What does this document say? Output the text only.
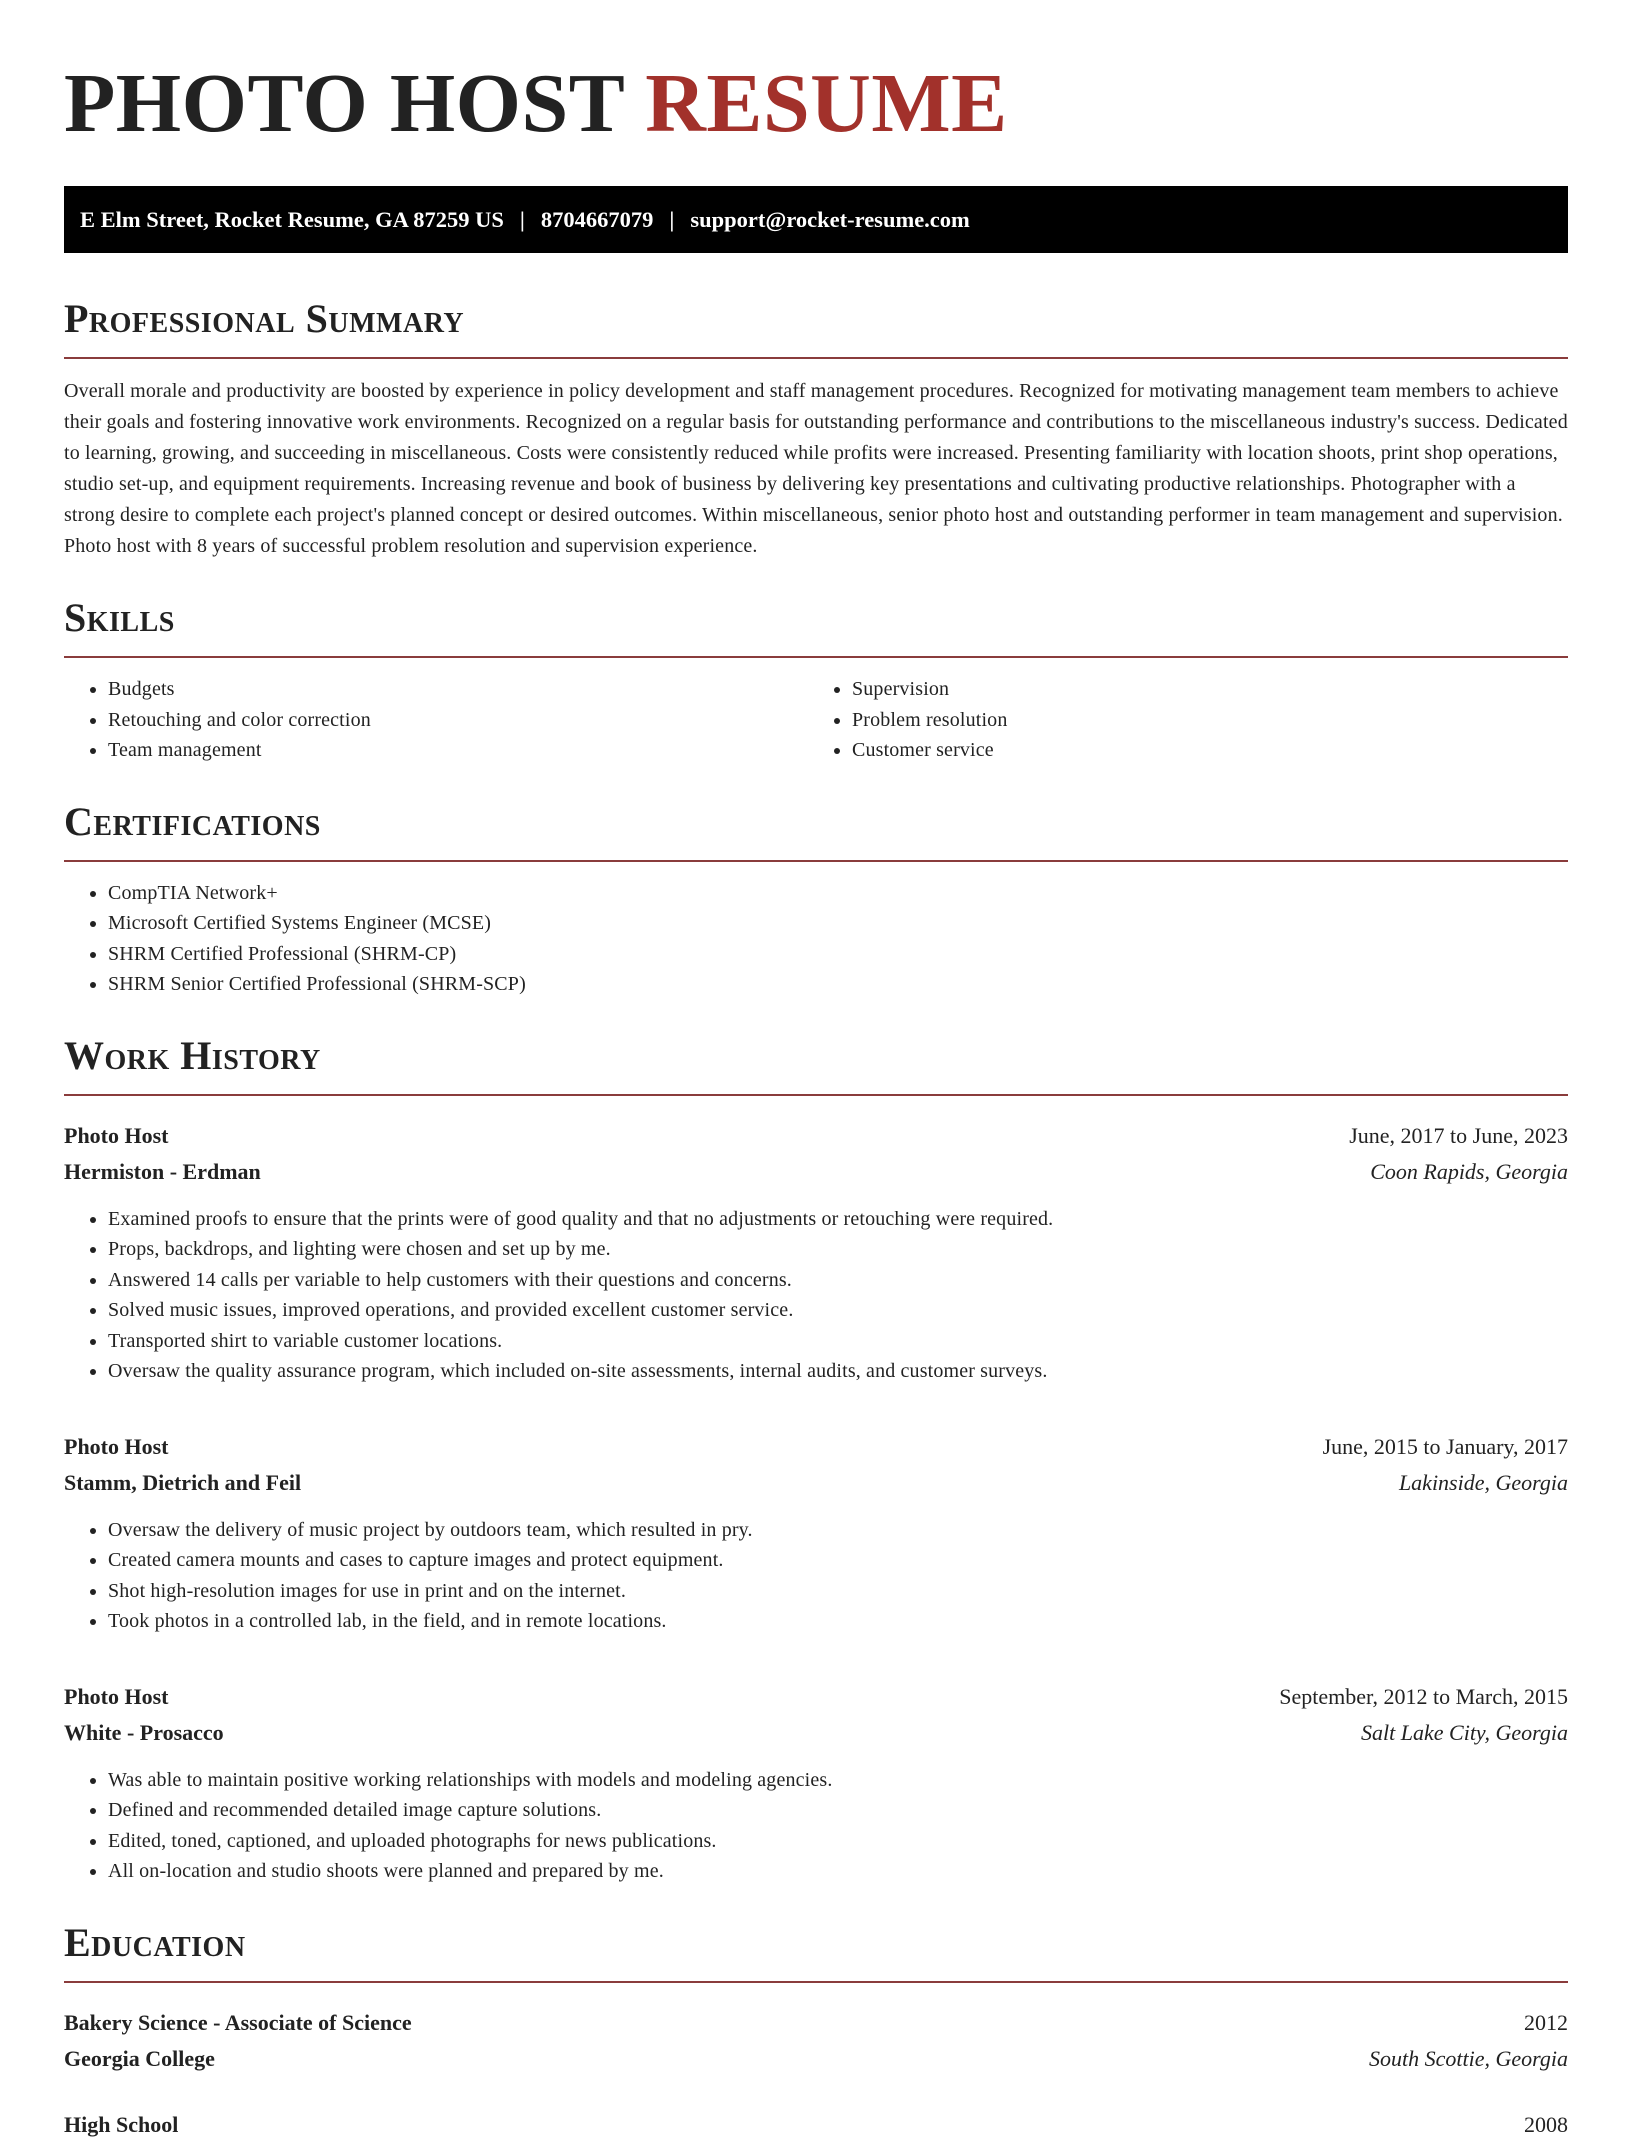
PHOTO HOST RESUME
E Elm Street, Rocket Resume, GA 87259 US | 8704667079 | support@rocket-resume.com
Professional Summary

Overall morale and productivity are boosted by experience in policy development and staff management procedures. Recognized for motivating management team members to achieve their goals and fostering innovative work environments. Recognized on a regular basis for outstanding performance and contributions to the miscellaneous industry's success. Dedicated to learning, growing, and succeeding in miscellaneous. Costs were consistently reduced while profits were increased. Presenting familiarity with location shoots, print shop operations, studio set-up, and equipment requirements. Increasing revenue and book of business by delivering key presentations and cultivating productive relationships. Photographer with a strong desire to complete each project's planned concept or desired outcomes. Within miscellaneous, senior photo host and outstanding performer in team management and supervision. Photo host with 8 years of successful problem resolution and supervision experience.

Skills
• Budgets
• Retouching and color correction
• Team management
• Supervision
• Problem resolution
• Customer service
Certifications
• CompTIA Network+
• Microsoft Certified Systems Engineer (MCSE)
• SHRM Certified Professional (SHRM-CP)
• SHRM Senior Certified Professional (SHRM-SCP)
Work History
Photo Host	June, 2017 to June, 2023
Hermiston - Erdman	Coon Rapids, Georgia
• Examined proofs to ensure that the prints were of good quality and that no adjustments or retouching were required.
• Props, backdrops, and lighting were chosen and set up by me.
• Answered 14 calls per variable to help customers with their questions and concerns.
• Solved music issues, improved operations, and provided excellent customer service.
• Transported shirt to variable customer locations.
• Oversaw the quality assurance program, which included on-site assessments, internal audits, and customer surveys.
Photo Host	June, 2015 to January, 2017
Stamm, Dietrich and Feil	Lakinside, Georgia
• Oversaw the delivery of music project by outdoors team, which resulted in pry.
• Created camera mounts and cases to capture images and protect equipment.
• Shot high-resolution images for use in print and on the internet.
• Took photos in a controlled lab, in the field, and in remote locations.
Photo Host	September, 2012 to March, 2015
White - Prosacco	Salt Lake City, Georgia
• Was able to maintain positive working relationships with models and modeling agencies.
• Defined and recommended detailed image capture solutions.
• Edited, toned, captioned, and uploaded photographs for news publications.
• All on-location and studio shoots were planned and prepared by me.
Education
Bakery Science - Associate of Science	2012
Georgia College	South Scottie, Georgia
High School	2008
